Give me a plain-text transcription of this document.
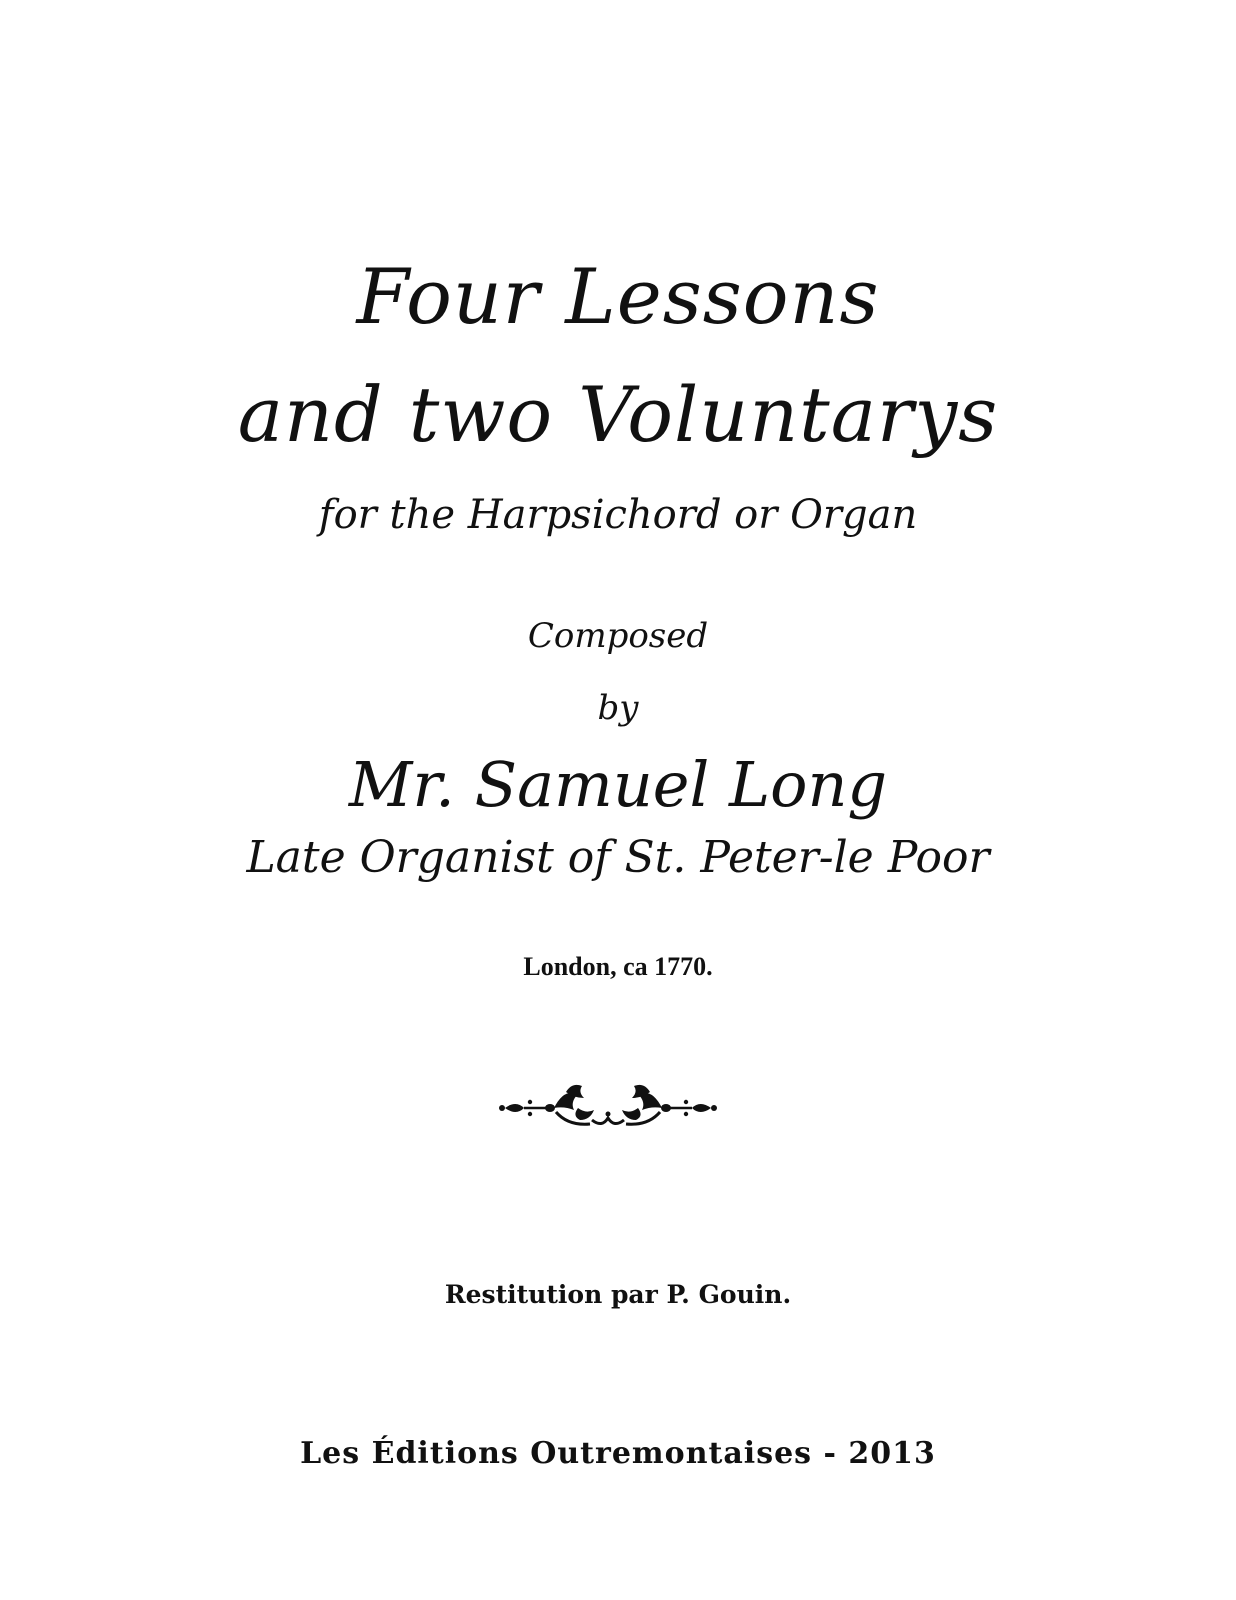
Four Lessons
and two Voluntarys
for the Harpsichord or Organ
Composed
by
Mr. Samuel Long
Late Organist of St. Peter-le Poor
London, ca 1770.
Restitution par P. Gouin.
Les Éditions Outremontaises - 2013
